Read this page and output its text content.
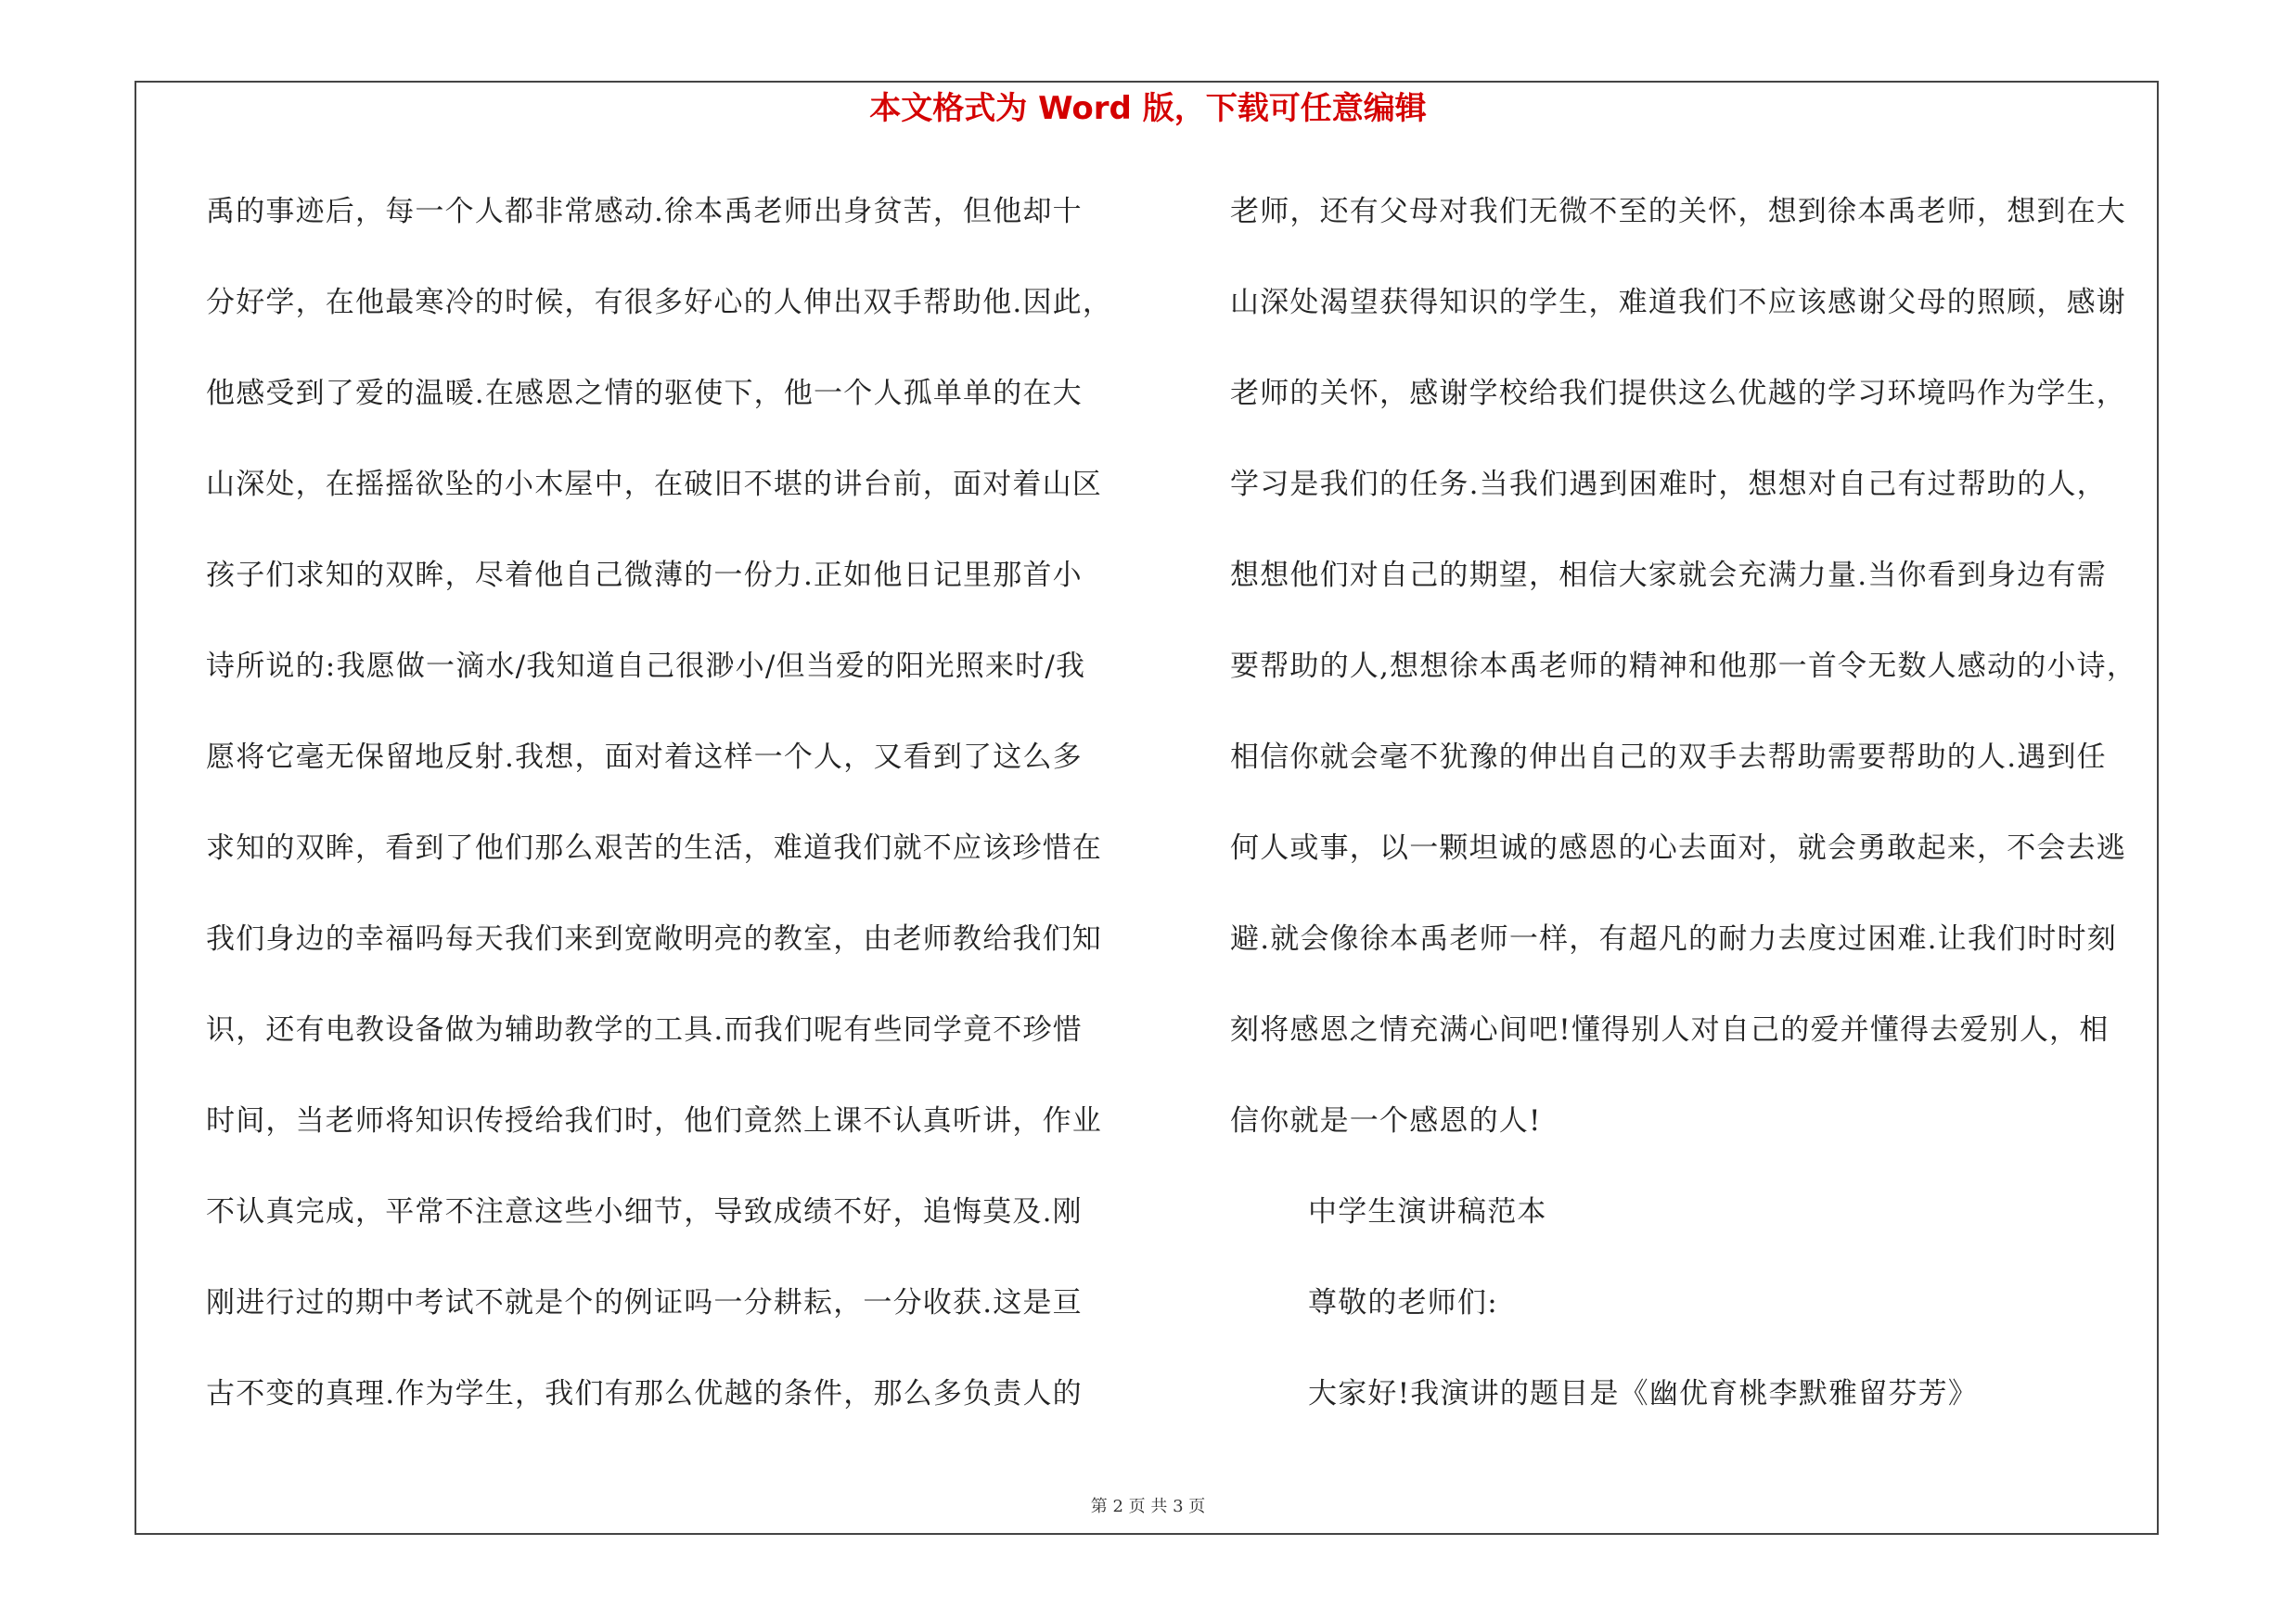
本文格式为 Word 版，下载可任意编辑
禹的事迹后，每一个人都非常感动.徐本禹老师出身贫苦，但他却十
分好学，在他最寒冷的时候，有很多好心的人伸出双手帮助他.因此，
他感受到了爱的温暖.在感恩之情的驱使下，他一个人孤单单的在大
山深处，在摇摇欲坠的小木屋中，在破旧不堪的讲台前，面对着山区
孩子们求知的双眸，尽着他自己微薄的一份力.正如他日记里那首小
诗所说的:我愿做一滴水/我知道自己很渺小/但当爱的阳光照来时/我
愿将它毫无保留地反射.我想，面对着这样一个人，又看到了这么多
求知的双眸，看到了他们那么艰苦的生活，难道我们就不应该珍惜在
我们身边的幸福吗每天我们来到宽敞明亮的教室，由老师教给我们知
识，还有电教设备做为辅助教学的工具.而我们呢有些同学竟不珍惜
时间，当老师将知识传授给我们时，他们竟然上课不认真听讲，作业
不认真完成，平常不注意这些小细节，导致成绩不好，追悔莫及.刚
刚进行过的期中考试不就是个的例证吗一分耕耘，一分收获.这是亘
古不变的真理.作为学生，我们有那么优越的条件，那么多负责人的
老师，还有父母对我们无微不至的关怀，想到徐本禹老师，想到在大
山深处渴望获得知识的学生，难道我们不应该感谢父母的照顾，感谢
老师的关怀，感谢学校给我们提供这么优越的学习环境吗作为学生，
学习是我们的任务.当我们遇到困难时，想想对自己有过帮助的人，
想想他们对自己的期望，相信大家就会充满力量.当你看到身边有需
要帮助的人,想想徐本禹老师的精神和他那一首令无数人感动的小诗，
相信你就会毫不犹豫的伸出自己的双手去帮助需要帮助的人.遇到任
何人或事，以一颗坦诚的感恩的心去面对，就会勇敢起来，不会去逃
避.就会像徐本禹老师一样，有超凡的耐力去度过困难.让我们时时刻
刻将感恩之情充满心间吧!懂得别人对自己的爱并懂得去爱别人，相
信你就是一个感恩的人!
中学生演讲稿范本
尊敬的老师们:
大家好!我演讲的题目是《幽优育桃李默雅留芬芳》
第 2 页 共 3 页
